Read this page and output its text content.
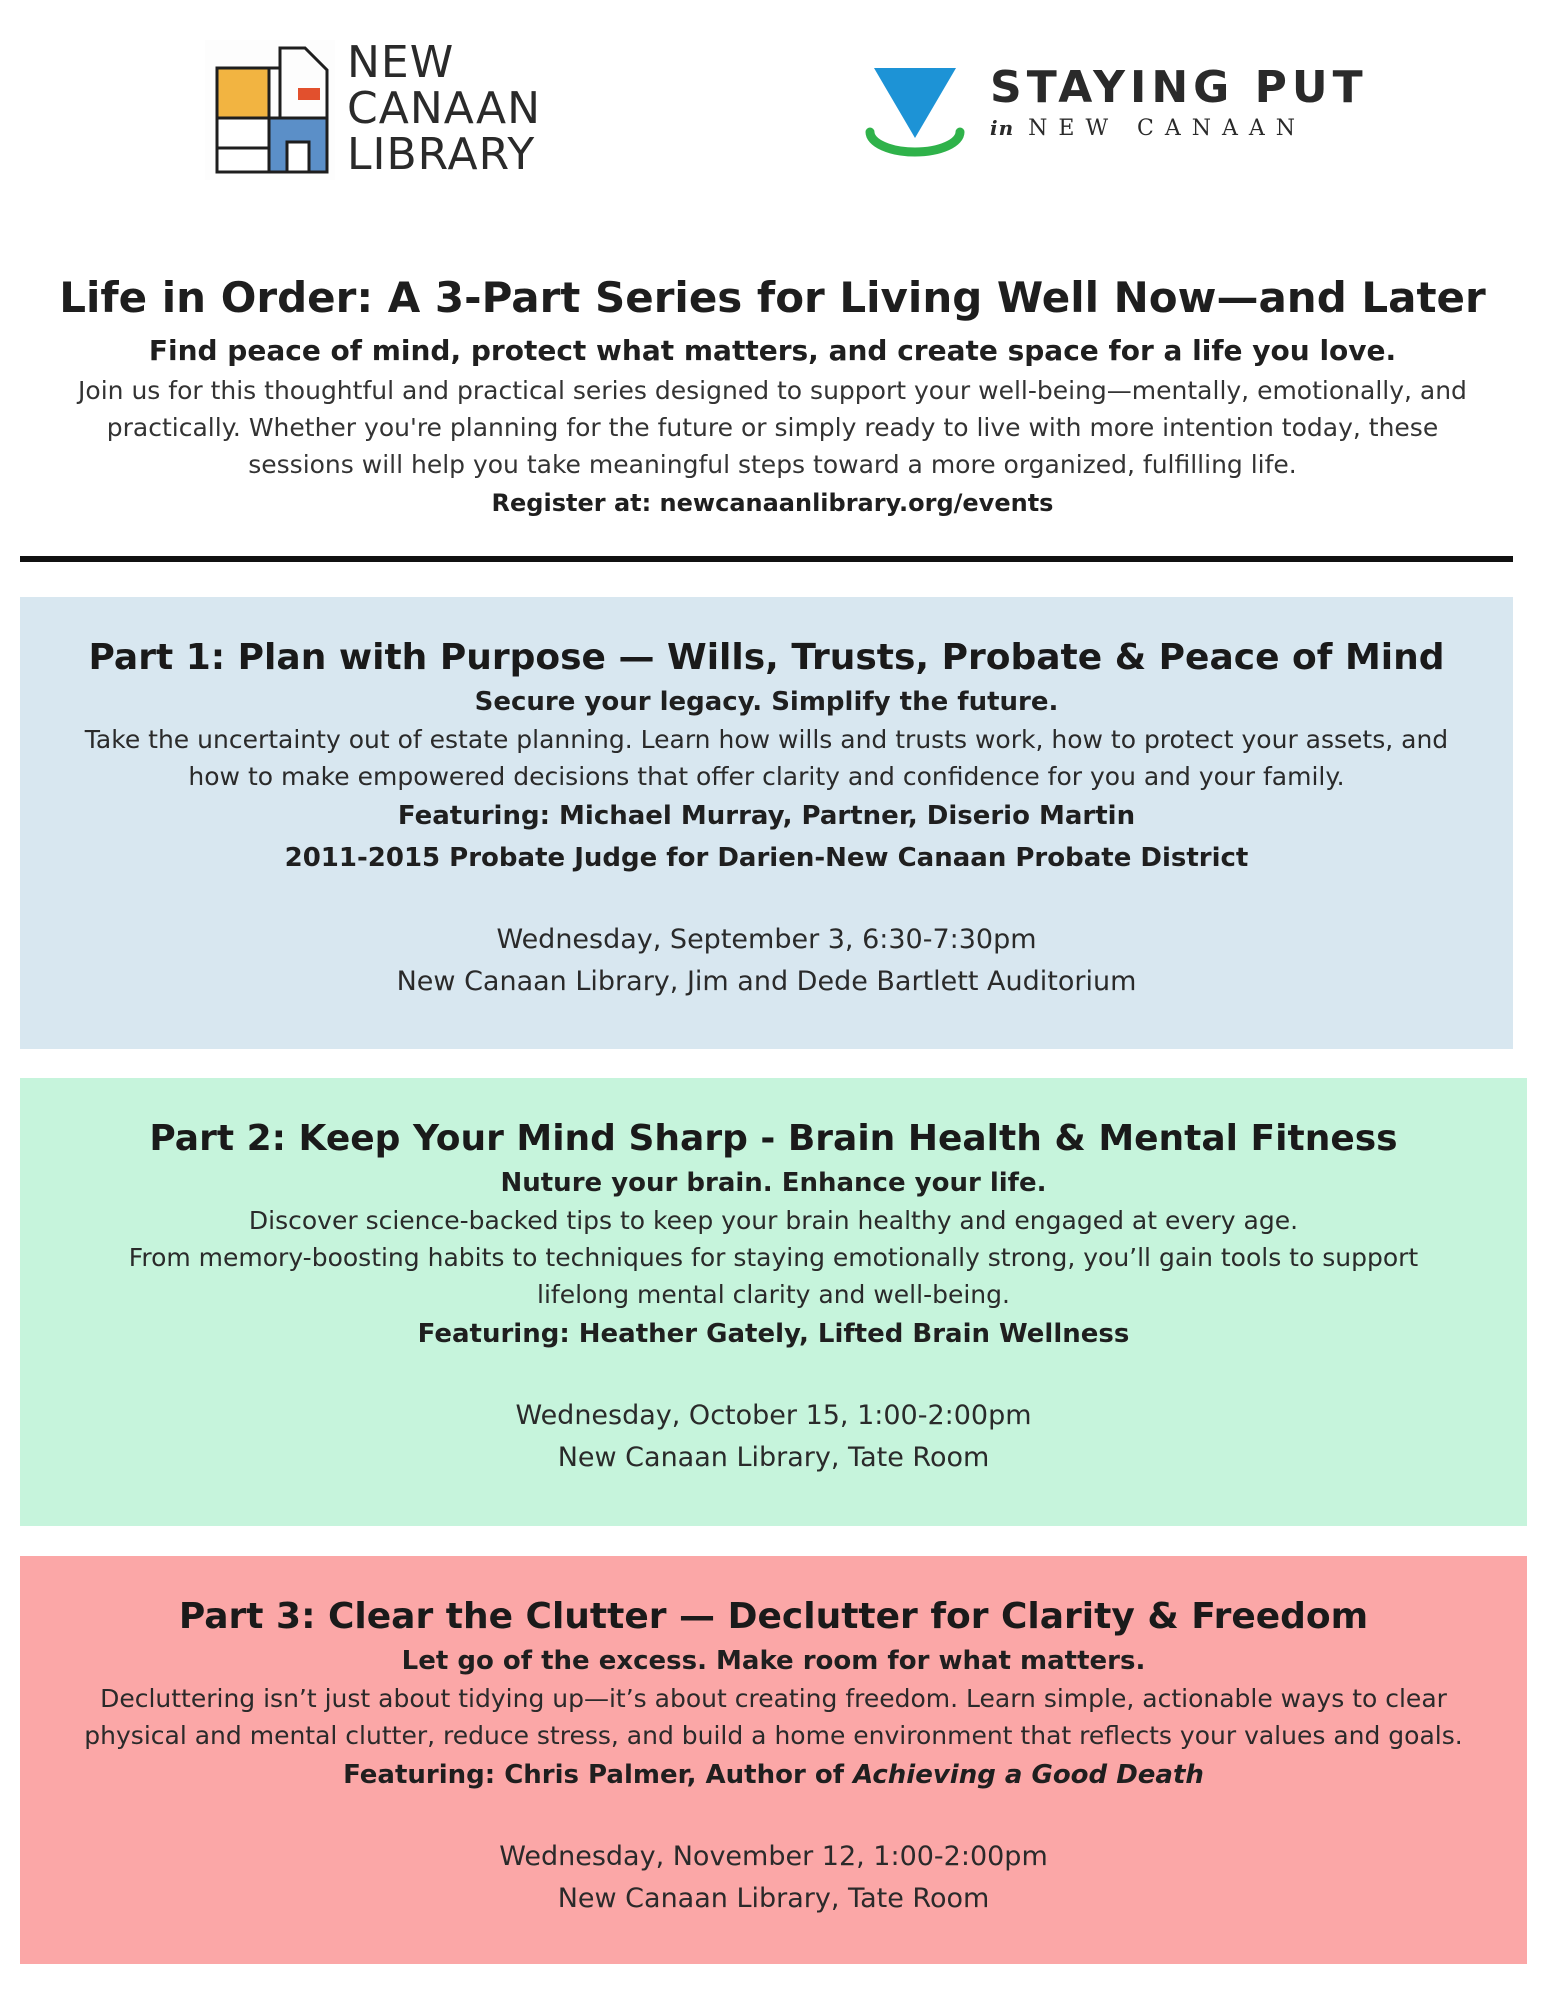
NEW
CANAAN
LIBRARY
STAYING PUT
in NEW CANAAN
Life in Order: A 3-Part Series for Living Well Now—and Later
Find peace of mind, protect what matters, and create space for a life you love.
Join us for this thoughtful and practical series designed to support your well-being—mentally, emotionally, and
practically. Whether you're planning for the future or simply ready to live with more intention today, these
sessions will help you take meaningful steps toward a more organized, fulfilling life.
Register at: newcanaanlibrary.org/events
Part 1: Plan with Purpose — Wills, Trusts, Probate & Peace of Mind
Secure your legacy. Simplify the future.
Take the uncertainty out of estate planning. Learn how wills and trusts work, how to protect your assets, and
how to make empowered decisions that offer clarity and confidence for you and your family.
Featuring: Michael Murray, Partner, Diserio Martin
2011-2015 Probate Judge for Darien-New Canaan Probate District
Wednesday, September 3, 6:30-7:30pm
New Canaan Library, Jim and Dede Bartlett Auditorium
Part 2: Keep Your Mind Sharp - Brain Health & Mental Fitness
Nuture your brain. Enhance your life.
Discover science-backed tips to keep your brain healthy and engaged at every age.
From memory-boosting habits to techniques for staying emotionally strong, you’ll gain tools to support
lifelong mental clarity and well-being.
Featuring: Heather Gately, Lifted Brain Wellness
Wednesday, October 15, 1:00-2:00pm
New Canaan Library, Tate Room
Part 3: Clear the Clutter — Declutter for Clarity & Freedom
Let go of the excess. Make room for what matters.
Decluttering isn’t just about tidying up—it’s about creating freedom. Learn simple, actionable ways to clear
physical and mental clutter, reduce stress, and build a home environment that reflects your values and goals.
Featuring: Chris Palmer, Author of Achieving a Good Death
Wednesday, November 12, 1:00-2:00pm
New Canaan Library, Tate Room
